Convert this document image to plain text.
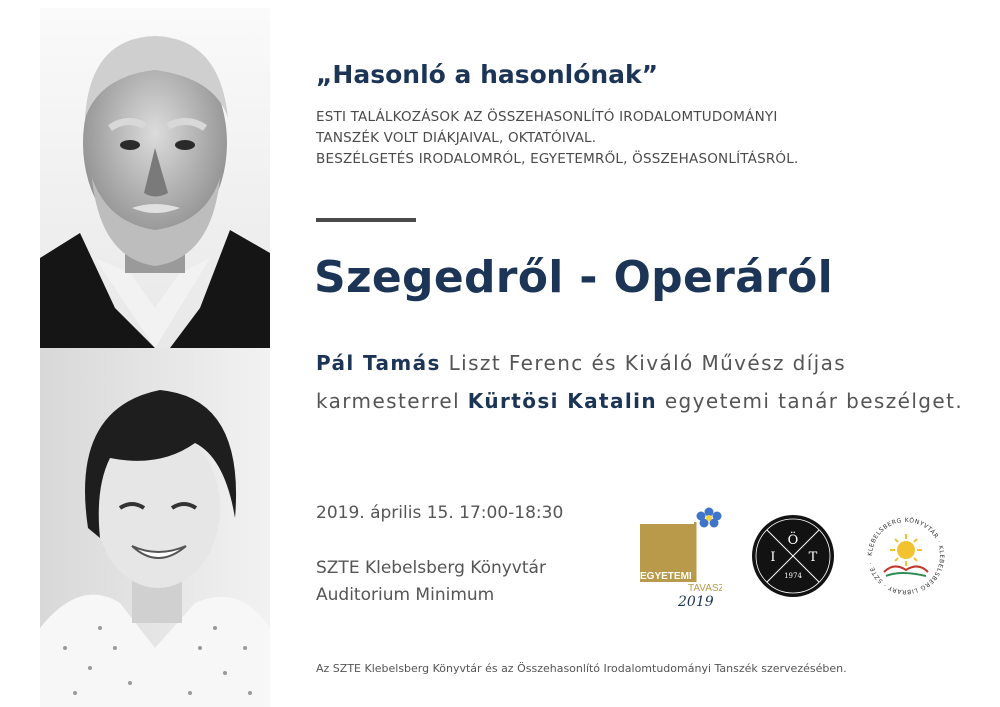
„Hasonló a hasonlónak”
ESTI TALÁLKOZÁSOK AZ ÖSSZEHASONLÍTÓ IRODALOMTUDOMÁNYI
TANSZÉK VOLT DIÁKJAIVAL, OKTATÓIVAL.
BESZÉLGETÉS IRODALOMRÓL, EGYETEMRŐL, ÖSSZEHASONLÍTÁSRÓL.
Szegedről - Operáról

Pál Tamás Liszt Ferenc és Kiváló Művész díjas karmesterrel Kürtösi Katalin egyetemi tanár beszélget.

2019. április 15. 17:00-18:30
SZTE Klebelsberg Könyvtár
Auditorium Minimum
EGYETEMI
TAVASZ
2019
Ö
I	T
1974
KLEBELSBERG KÖNYVTÁR · KLEBELSBERG LIBRARY · SZTE ·
Az SZTE Klebelsberg Könyvtár és az Összehasonlító Irodalomtudományi Tanszék szervezésében.
